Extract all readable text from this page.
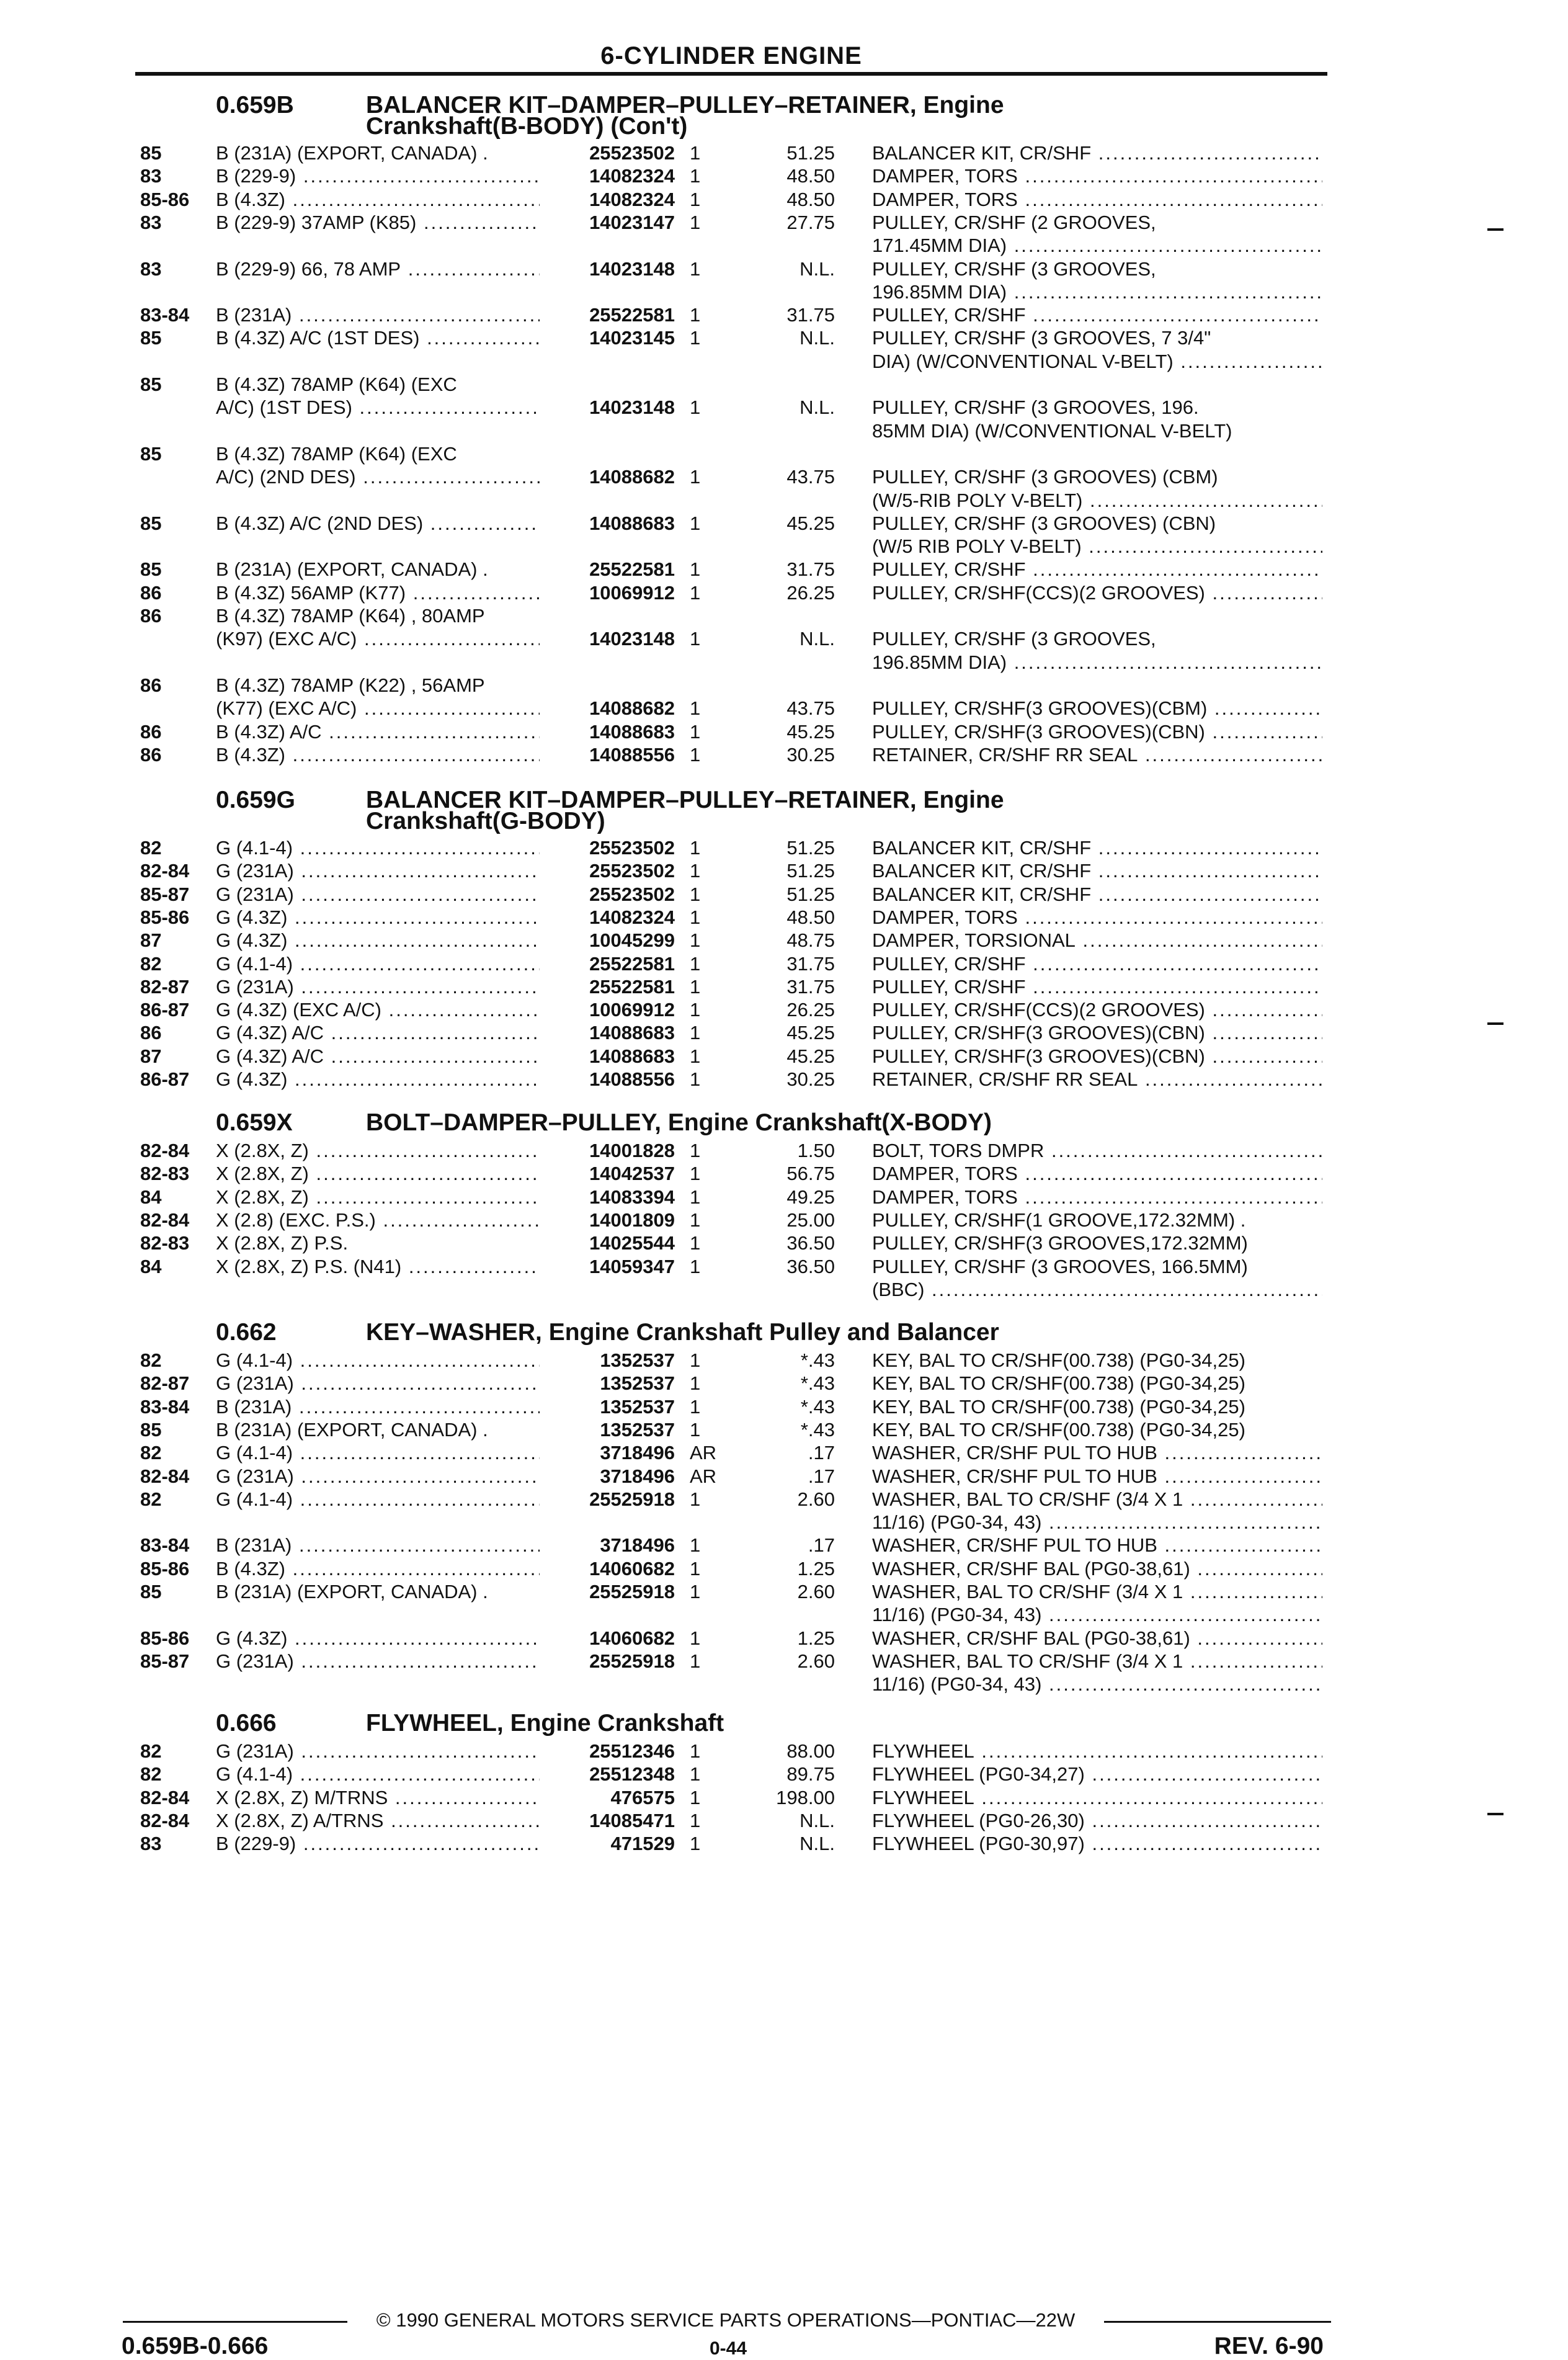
6-CYLINDER ENGINE
0.659B	BALANCER KIT–DAMPER–PULLEY–RETAINER, Engine
Crankshaft(B-BODY) (Con't)
85	B (231A) (EXPORT, CANADA) .	25523502 1	51.25 BALANCER KIT, CR/SHF .....
83	B (229-9) .....	14082324 1	48.50 DAMPER, TORS .....
85-86 B (4.3Z) .....	14082324 1	48.50 DAMPER, TORS .....
83	B (229-9) 37AMP (K85) .....	14023147 1	27.75 PULLEY, CR/SHF (2 GROOVES,
171.45MM DIA) .....
83	B (229-9) 66, 78 AMP .....	14023148 1	N.L. PULLEY, CR/SHF (3 GROOVES,
196.85MM DIA) .....
83-84 B (231A) .....	25522581 1	31.75 PULLEY, CR/SHF .....
85	B (4.3Z) A/C (1ST DES) .....	14023145 1	N.L. PULLEY, CR/SHF (3 GROOVES, 7 3/4"
DIA) (W/CONVENTIONAL V-BELT) .....
85	B (4.3Z) 78AMP (K64) (EXC
A/C) (1ST DES) .....	14023148 1	N.L. PULLEY, CR/SHF (3 GROOVES, 196.
85MM DIA) (W/CONVENTIONAL V-BELT)
85	B (4.3Z) 78AMP (K64) (EXC
A/C) (2ND DES) .....	14088682 1	43.75 PULLEY, CR/SHF (3 GROOVES) (CBM)
(W/5-RIB POLY V-BELT) .....
85	B (4.3Z) A/C (2ND DES) .....	14088683 1	45.25 PULLEY, CR/SHF (3 GROOVES) (CBN)
(W/5 RIB POLY V-BELT) .....
85	B (231A) (EXPORT, CANADA) .	25522581 1	31.75 PULLEY, CR/SHF .....
86	B (4.3Z) 56AMP (K77) .....	10069912 1	26.25 PULLEY, CR/SHF(CCS)(2 GROOVES) .....
86	B (4.3Z) 78AMP (K64) , 80AMP
(K97) (EXC A/C) .....	14023148 1	N.L. PULLEY, CR/SHF (3 GROOVES,
196.85MM DIA) .....
86	B (4.3Z) 78AMP (K22) , 56AMP
(K77) (EXC A/C) .....	14088682 1	43.75 PULLEY, CR/SHF(3 GROOVES)(CBM) .....
86	B (4.3Z) A/C .....	14088683 1	45.25 PULLEY, CR/SHF(3 GROOVES)(CBN) .....
86	B (4.3Z) .....	14088556 1	30.25 RETAINER, CR/SHF RR SEAL .....
0.659G	BALANCER KIT–DAMPER–PULLEY–RETAINER, Engine
Crankshaft(G-BODY)
82	G (4.1-4) .....	25523502 1	51.25 BALANCER KIT, CR/SHF .....
82-84 G (231A) .....	25523502 1	51.25 BALANCER KIT, CR/SHF .....
85-87 G (231A) .....	25523502 1	51.25 BALANCER KIT, CR/SHF .....
85-86 G (4.3Z) .....	14082324 1	48.50 DAMPER, TORS .....
87	G (4.3Z) .....	10045299 1	48.75 DAMPER, TORSIONAL .....
82	G (4.1-4) .....	25522581 1	31.75 PULLEY, CR/SHF .....
82-87 G (231A) .....	25522581 1	31.75 PULLEY, CR/SHF .....
86-87 G (4.3Z) (EXC A/C) .....	10069912 1	26.25 PULLEY, CR/SHF(CCS)(2 GROOVES) .....
86	G (4.3Z) A/C .....	14088683 1	45.25 PULLEY, CR/SHF(3 GROOVES)(CBN) .....
87	G (4.3Z) A/C .....	14088683 1	45.25 PULLEY, CR/SHF(3 GROOVES)(CBN) .....
86-87 G (4.3Z) .....	14088556 1	30.25 RETAINER, CR/SHF RR SEAL .....
0.659X	BOLT–DAMPER–PULLEY, Engine Crankshaft(X-BODY)
82-84 X (2.8X, Z) .....	14001828 1	1.50 BOLT, TORS DMPR .....
82-83 X (2.8X, Z) .....	14042537 1	56.75 DAMPER, TORS .....
84	X (2.8X, Z) .....	14083394 1	49.25 DAMPER, TORS .....
82-84 X (2.8) (EXC. P.S.) .....	14001809 1	25.00 PULLEY, CR/SHF(1 GROOVE,172.32MM) .
82-83 X (2.8X, Z) P.S.	14025544 1	36.50 PULLEY, CR/SHF(3 GROOVES,172.32MM)
84	X (2.8X, Z) P.S. (N41) .....	14059347 1	36.50 PULLEY, CR/SHF (3 GROOVES, 166.5MM)
(BBC) .....
0.662	KEY–WASHER, Engine Crankshaft Pulley and Balancer
82	G (4.1-4) .....	1352537 1	*.43 KEY, BAL TO CR/SHF(00.738) (PG0-34,25)
82-87 G (231A) .....	1352537 1	*.43 KEY, BAL TO CR/SHF(00.738) (PG0-34,25)
83-84 B (231A) .....	1352537 1	*.43 KEY, BAL TO CR/SHF(00.738) (PG0-34,25)
85	B (231A) (EXPORT, CANADA) .	1352537 1	*.43 KEY, BAL TO CR/SHF(00.738) (PG0-34,25)
82	G (4.1-4) .....	3718496 AR	.17 WASHER, CR/SHF PUL TO HUB .....
82-84 G (231A) .....	3718496 AR	.17 WASHER, CR/SHF PUL TO HUB .....
82	G (4.1-4) .....	25525918 1	2.60 WASHER, BAL TO CR/SHF (3/4 X 1 .....
11/16) (PG0-34, 43) .....
83-84 B (231A) .....	3718496 1	.17 WASHER, CR/SHF PUL TO HUB .....
85-86 B (4.3Z) .....	14060682 1	1.25 WASHER, CR/SHF BAL (PG0-38,61) .....
85	B (231A) (EXPORT, CANADA) .	25525918 1	2.60 WASHER, BAL TO CR/SHF (3/4 X 1 .....
11/16) (PG0-34, 43) .....
85-86 G (4.3Z) .....	14060682 1	1.25 WASHER, CR/SHF BAL (PG0-38,61) .....
85-87 G (231A) .....	25525918 1	2.60 WASHER, BAL TO CR/SHF (3/4 X 1 .....
11/16) (PG0-34, 43) .....
0.666	FLYWHEEL, Engine Crankshaft
82	G (231A) .....	25512346 1	88.00 FLYWHEEL .....
82	G (4.1-4) .....	25512348 1	89.75 FLYWHEEL (PG0-34,27) .....
82-84 X (2.8X, Z) M/TRNS .....	476575 1	198.00 FLYWHEEL .....
82-84 X (2.8X, Z) A/TRNS .....	14085471 1	N.L. FLYWHEEL (PG0-26,30) .....
83	B (229-9) .....	471529 1	N.L. FLYWHEEL (PG0-30,97) .....
© 1990 GENERAL MOTORS SERVICE PARTS OPERATIONS—PONTIAC—22W
0.659B-0.666	0-44	REV. 6-90
